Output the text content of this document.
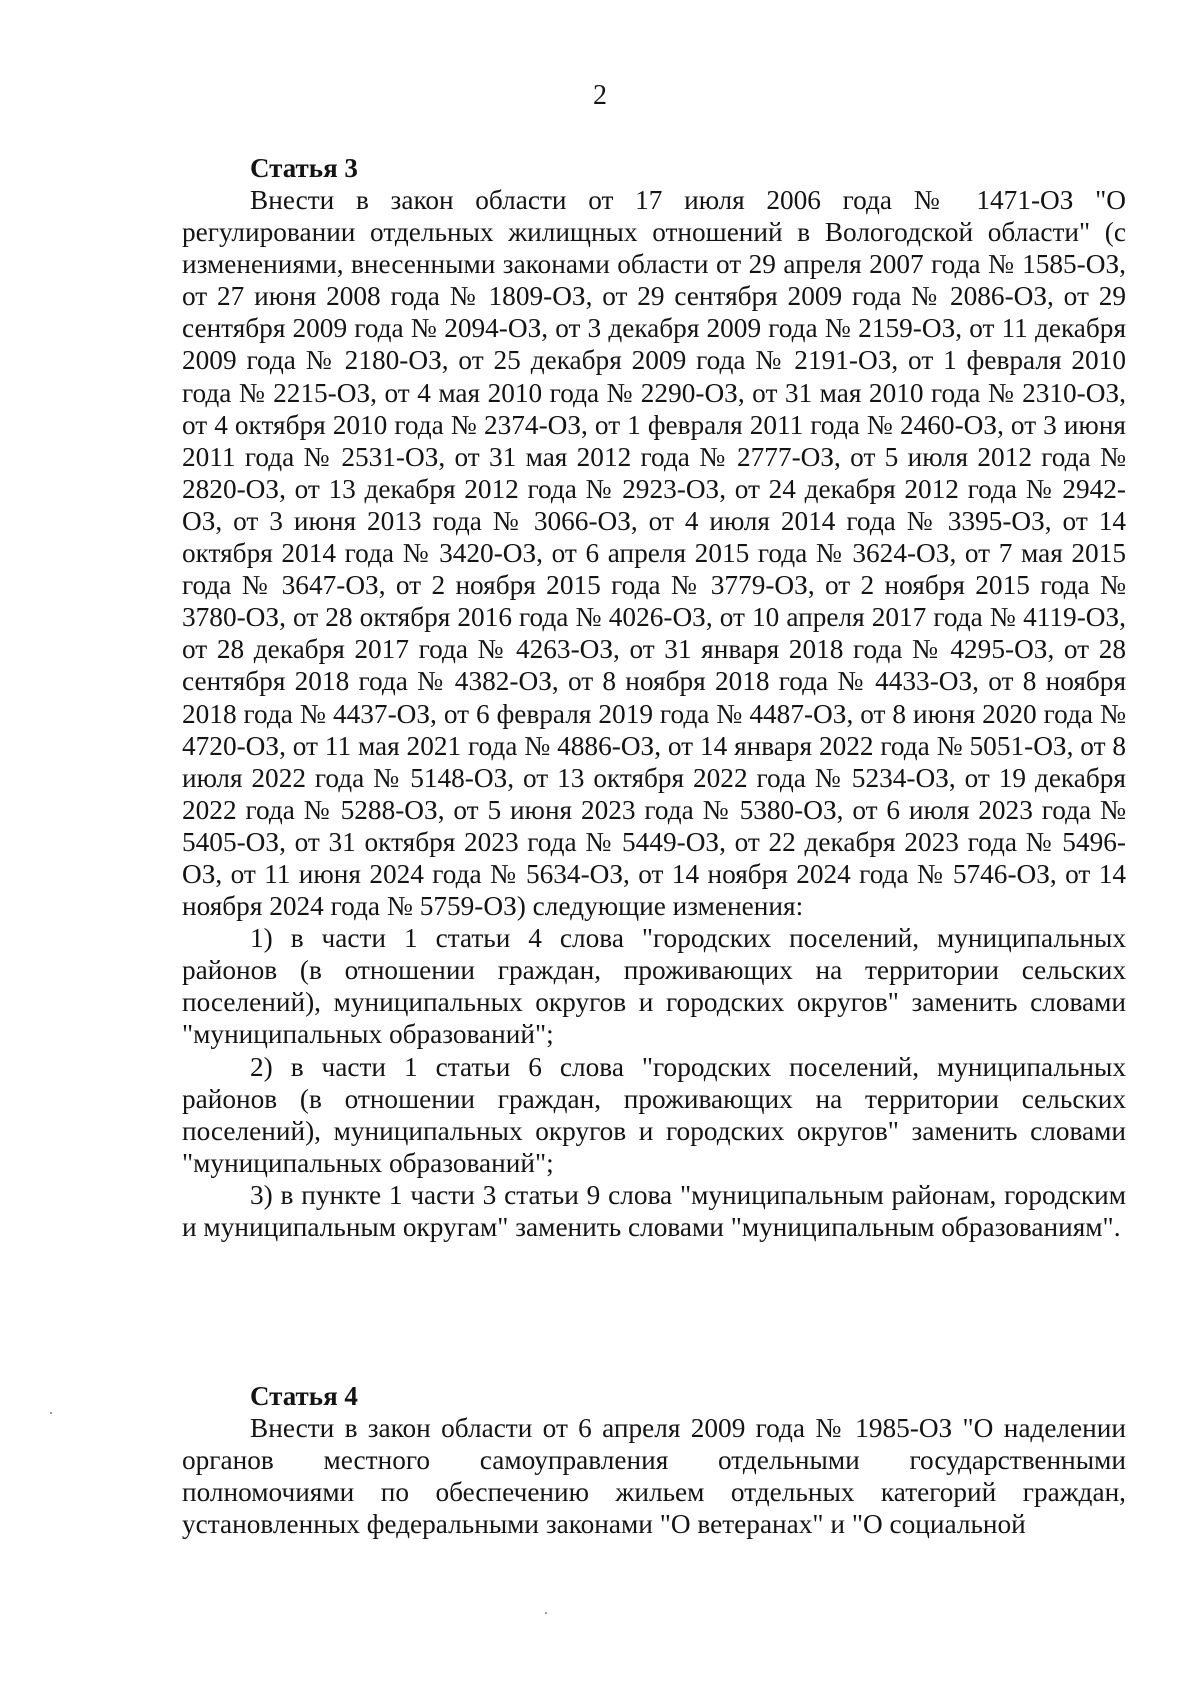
2
Статья 3

Внести в закон области от 17 июля 2006 года № 1471-ОЗ "О регулировании отдельных жилищных отношений в Вологодской области" (с изменениями, внесенными законами области от 29 апреля 2007 года № 1585-ОЗ, от 27 июня 2008 года № 1809-ОЗ, от 29 сентября 2009 года № 2086-ОЗ, от 29 сентября 2009 года № 2094-ОЗ, от 3 декабря 2009 года № 2159-ОЗ, от 11 декабря 2009 года № 2180-ОЗ, от 25 декабря 2009 года № 2191-ОЗ, от 1 февраля 2010 года № 2215-ОЗ, от 4 мая 2010 года № 2290-ОЗ, от 31 мая 2010 года № 2310-ОЗ, от 4 октября 2010 года № 2374-ОЗ, от 1 февраля 2011 года № 2460-ОЗ, от 3 июня 2011 года № 2531-ОЗ, от 31 мая 2012 года № 2777-ОЗ, от 5 июля 2012 года № 2820-ОЗ, от 13 декабря 2012 года № 2923-ОЗ, от 24 декабря 2012 года № 2942-ОЗ, от 3 июня 2013 года № 3066-ОЗ, от 4 июля 2014 года № 3395-ОЗ, от 14 октября 2014 года № 3420-ОЗ, от 6 апреля 2015 года № 3624-ОЗ, от 7 мая 2015 года № 3647-ОЗ, от 2 ноября 2015 года № 3779-ОЗ, от 2 ноября 2015 года № 3780-ОЗ, от 28 октября 2016 года № 4026-ОЗ, от 10 апреля 2017 года № 4119-ОЗ, от 28 декабря 2017 года № 4263-ОЗ, от 31 января 2018 года № 4295-ОЗ, от 28 сентября 2018 года № 4382-ОЗ, от 8 ноября 2018 года № 4433-ОЗ, от 8 ноября 2018 года № 4437-ОЗ, от 6 февраля 2019 года № 4487-ОЗ, от 8 июня 2020 года № 4720-ОЗ, от 11 мая 2021 года № 4886-ОЗ, от 14 января 2022 года № 5051-ОЗ, от 8 июля 2022 года № 5148-ОЗ, от 13 октября 2022 года № 5234-ОЗ, от 19 декабря 2022 года № 5288-ОЗ, от 5 июня 2023 года № 5380-ОЗ, от 6 июля 2023 года № 5405-ОЗ, от 31 октября 2023 года № 5449-ОЗ, от 22 декабря 2023 года № 5496-ОЗ, от 11 июня 2024 года № 5634-ОЗ, от 14 ноября 2024 года № 5746-ОЗ, от 14 ноября 2024 года № 5759-ОЗ) следующие изменения:

1) в части 1 статьи 4 слова "городских поселений, муниципальных районов (в отношении граждан, проживающих на территории сельских поселений), муниципальных округов и городских округов" заменить словами "муниципальных образований";

2) в части 1 статьи 6 слова "городских поселений, муниципальных районов (в отношении граждан, проживающих на территории сельских поселений), муниципальных округов и городских округов" заменить словами "муниципальных образований";

3) в пункте 1 части 3 статьи 9 слова "муниципальным районам, городским и муниципальным округам" заменить словами "муниципальным образованиям".

Статья 4

Внести в закон области от 6 апреля 2009 года № 1985-ОЗ "О наделении органов местного самоуправления отдельными государственными полномочиями по обеспечению жильем отдельных категорий граждан, установленных федеральными законами "О ветеранах" и "О социальной
